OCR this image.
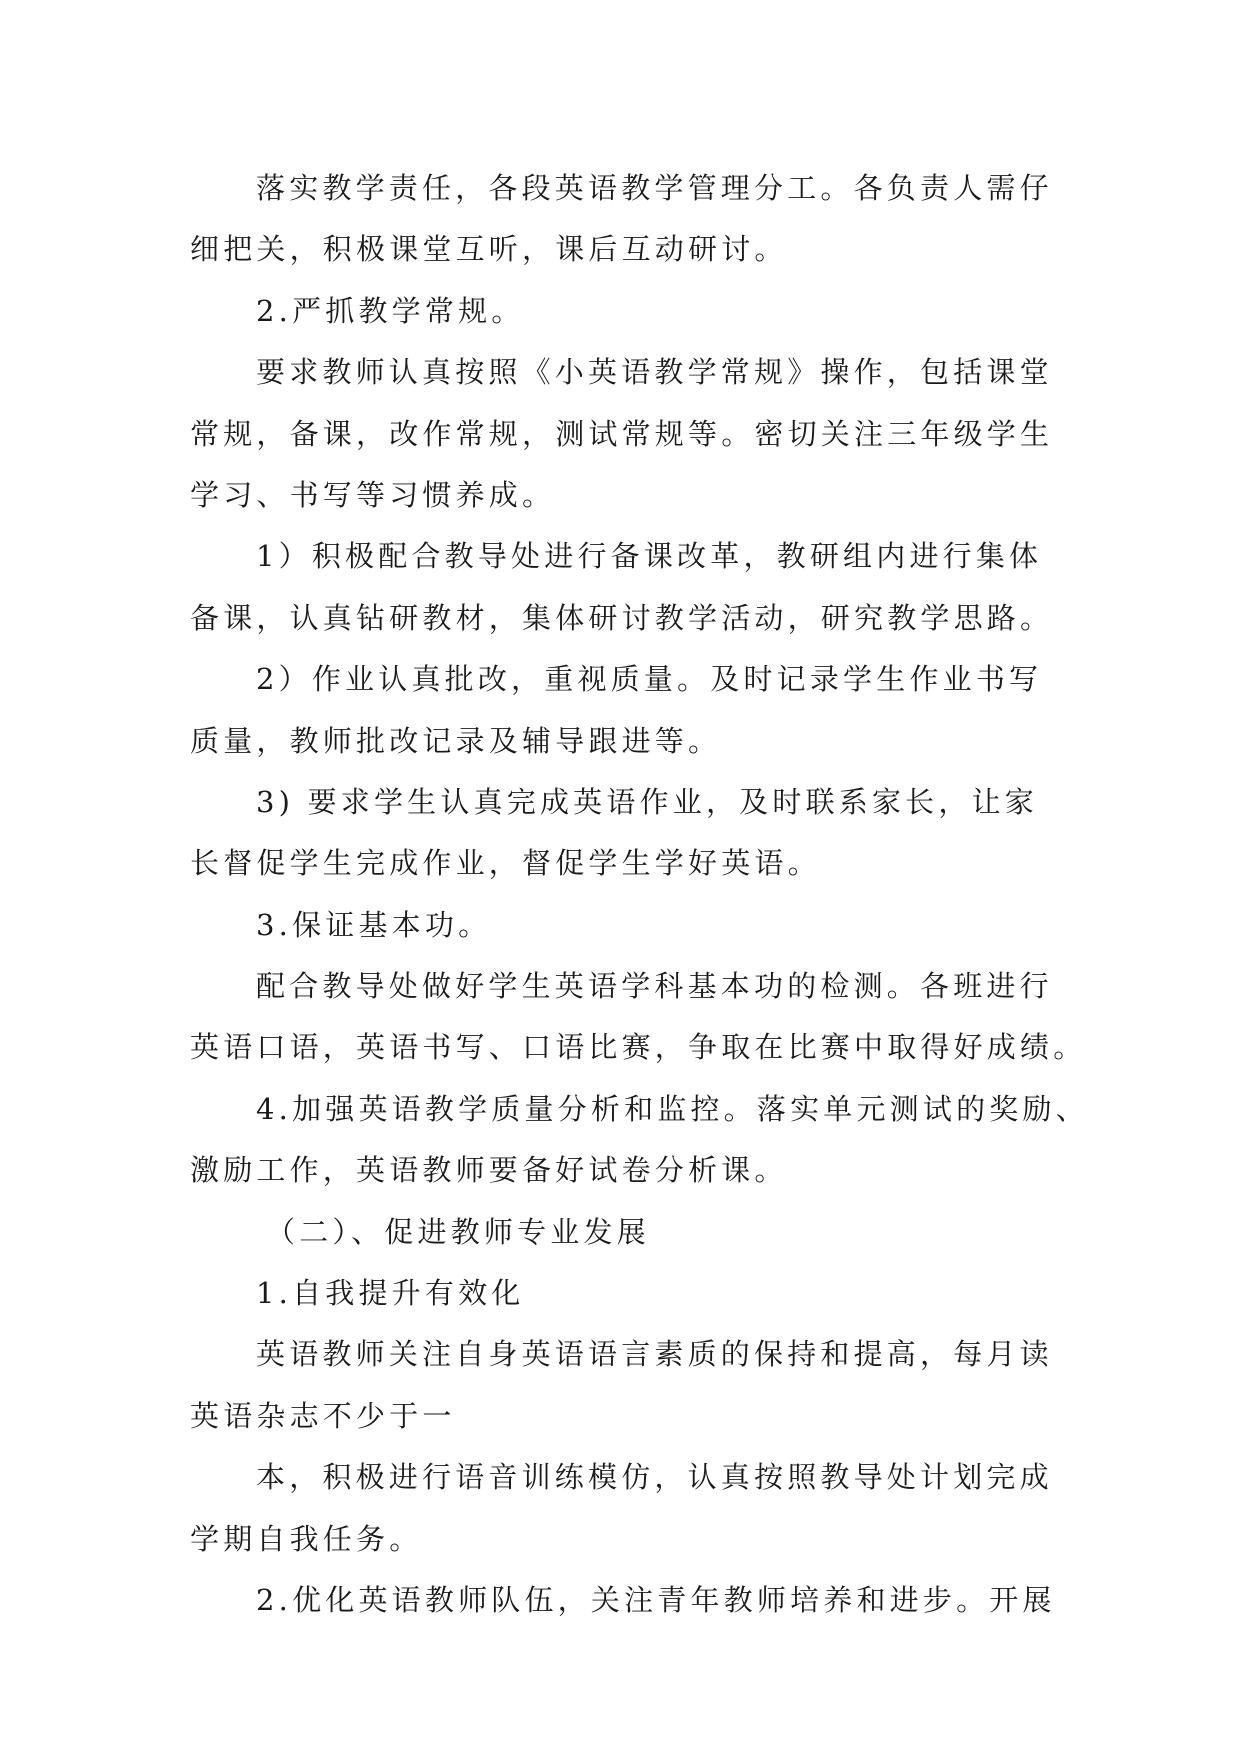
落实教学责任，各段英语教学管理分工。各负责人需仔
细把关，积极课堂互听，课后互动研讨。
2.严抓教学常规。
要求教师认真按照《小英语教学常规》操作，包括课堂
常规，备课，改作常规，测试常规等。密切关注三年级学生
学习、书写等习惯养成。
1）积极配合教导处进行备课改革，教研组内进行集体
备课，认真钻研教材，集体研讨教学活动，研究教学思路。
2）作业认真批改，重视质量。及时记录学生作业书写
质量，教师批改记录及辅导跟进等。
3) 要求学生认真完成英语作业，及时联系家长，让家
长督促学生完成作业，督促学生学好英语。
3.保证基本功。
配合教导处做好学生英语学科基本功的检测。各班进行
英语口语，英语书写、口语比赛，争取在比赛中取得好成绩。
4.加强英语教学质量分析和监控。落实单元测试的奖励、
激励工作，英语教师要备好试卷分析课。
（二）、促进教师专业发展
1.自我提升有效化
英语教师关注自身英语语言素质的保持和提高，每月读
英语杂志不少于一
本，积极进行语音训练模仿，认真按照教导处计划完成
学期自我任务。
2.优化英语教师队伍，关注青年教师培养和进步。开展
